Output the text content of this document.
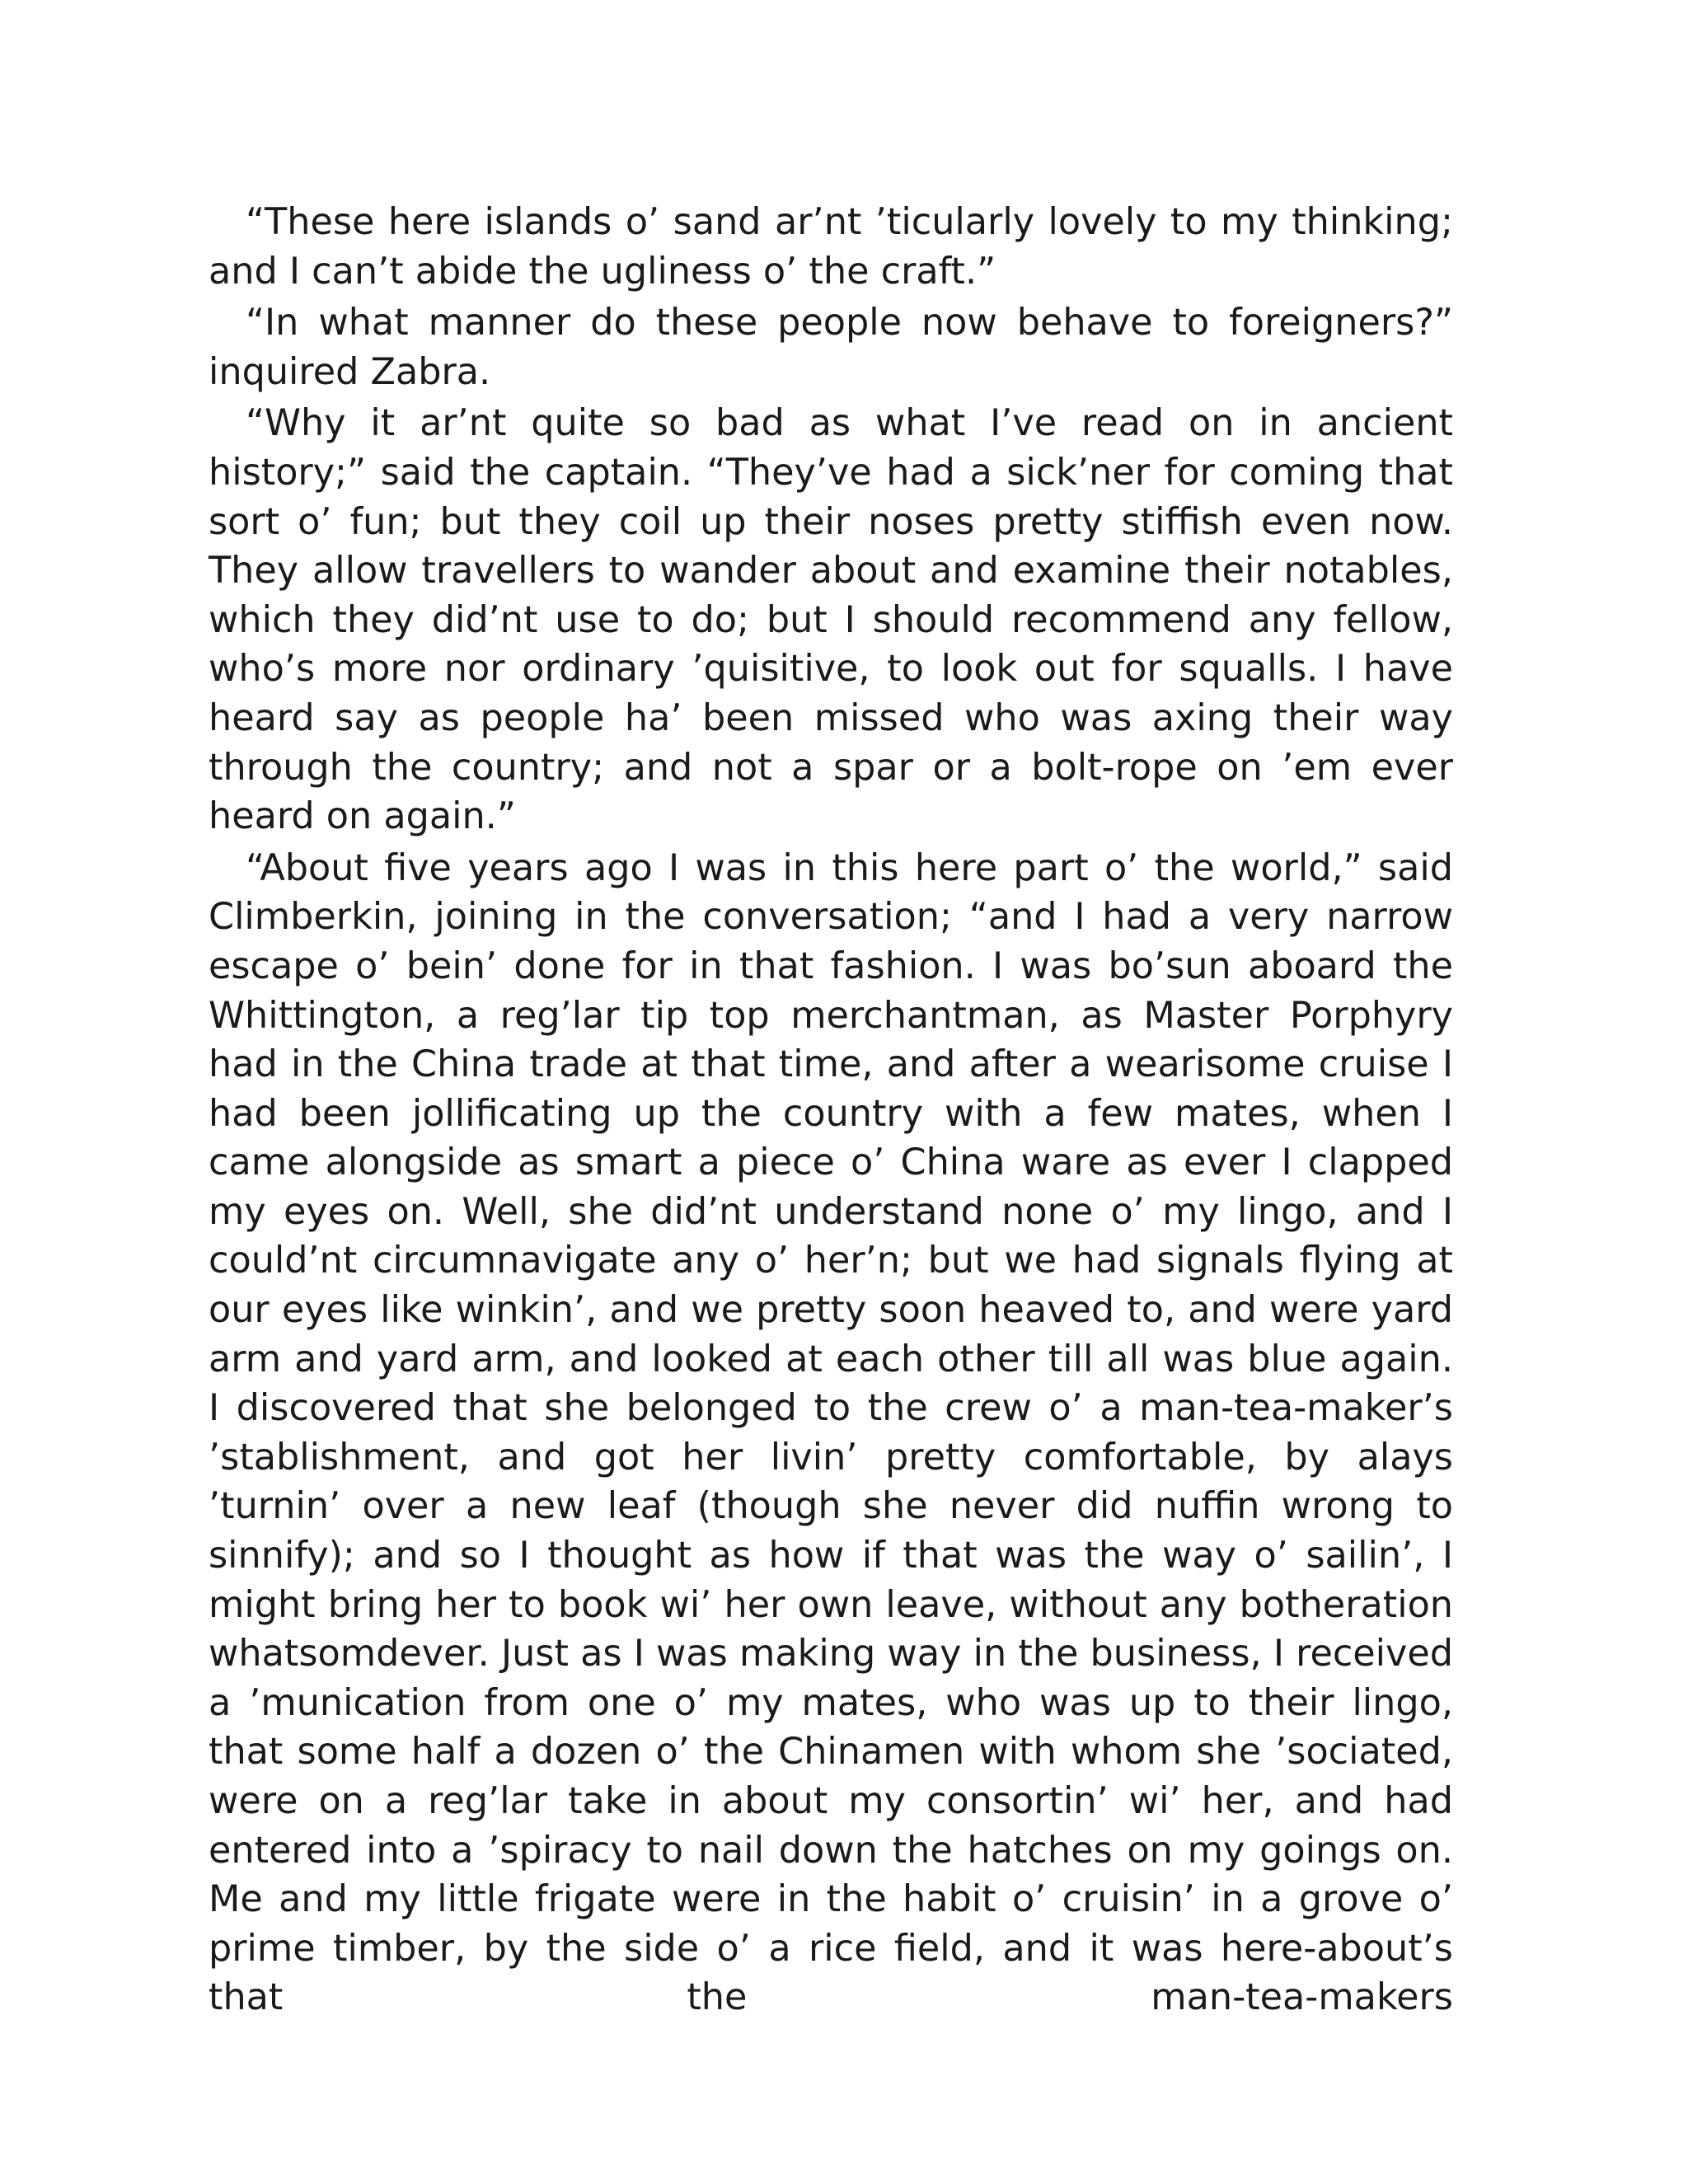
“These here islands o’ sand ar’nt ’ticularly lovely to my thinking; and I can’t abide the ugliness o’ the craft.”

“In what manner do these people now behave to foreigners?” inquired Zabra.

“Why it ar’nt quite so bad as what I’ve read on in ancient history;” said the captain. “They’ve had a sick’ner for coming that sort o’ fun; but they coil up their noses pretty stiffish even now. They allow travellers to wander about and examine their notables, which they did’nt use to do; but I should recommend any fellow, who’s more nor ordinary ’quisitive, to look out for squalls. I have heard say as people ha’ been missed who was axing their way through the country; and not a spar or a bolt-rope on ’em ever heard on again.”

“About five years ago I was in this here part o’ the world,” said Climberkin, joining in the conversation; “and I had a very narrow escape o’ bein’ done for in that fashion. I was bo’sun aboard the Whittington, a reg’lar tip top merchantman, as Master Porphyry had in the China trade at that time, and after a wearisome cruise I had been jollificating up the country with a few mates, when I came alongside as smart a piece o’ China ware as ever I clapped my eyes on. Well, she did’nt understand none o’ my lingo, and I could’nt circumnavigate any o’ her’n; but we had signals flying at our eyes like winkin’, and we pretty soon heaved to, and were yard arm and yard arm, and looked at each other till all was blue again. I discovered that she belonged to the crew o’ a man-tea-maker’s ’stablishment, and got her livin’ pretty comfortable, by alays ’turnin’ over a new leaf (though she never did nuffin wrong to sinnify); and so I thought as how if that was the way o’ sailin’, I might bring her to book wi’ her own leave, without any botheration whatsomdever. Just as I was making way in the business, I received a ’munication from one o’ my mates, who was up to their lingo, that some half a dozen o’ the Chinamen with whom she ’sociated, were on a reg’lar take in about my consortin’ wi’ her, and had entered into a ’spiracy to nail down the hatches on my goings on. Me and my little frigate were in the habit o’ cruisin’ in a grove o’ prime timber, by the side o’ a rice field, and it was here-about’s that the man-tea-makers
